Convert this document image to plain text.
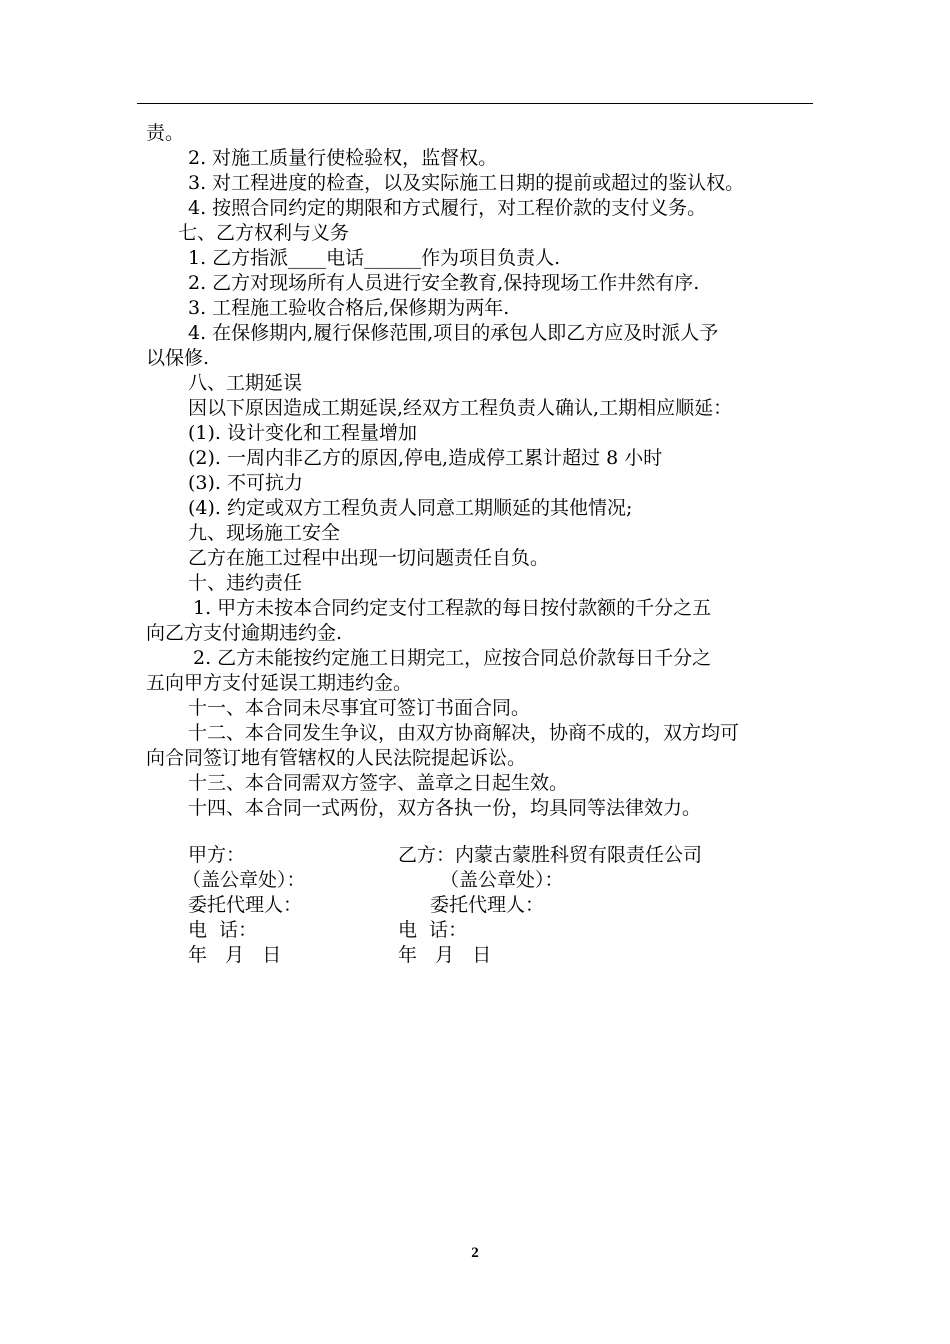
责。
2. 对施工质量行使检验权，监督权。
3. 对工程进度的检查，以及实际施工日期的提前或超过的鉴认权。
4. 按照合同约定的期限和方式履行，对工程价款的支付义务。
七、乙方权利与义务
1. 乙方指派____电话______作为项目负责人.
2. 乙方对现场所有人员进行安全教育,保持现场工作井然有序.
3. 工程施工验收合格后,保修期为两年.
4. 在保修期内,履行保修范围,项目的承包人即乙方应及时派人予
以保修.
八、工期延误
因以下原因造成工期延误,经双方工程负责人确认,工期相应顺延：
(1). 设计变化和工程量增加
(2). 一周内非乙方的原因,停电,造成停工累计超过 8 小时
(3). 不可抗力
(4). 约定或双方工程负责人同意工期顺延的其他情况;
九、现场施工安全
乙方在施工过程中出现一切问题责任自负。
十、违约责任
1. 甲方未按本合同约定支付工程款的每日按付款额的千分之五
向乙方支付逾期违约金.
2. 乙方未能按约定施工日期完工，应按合同总价款每日千分之
五向甲方支付延误工期违约金。
十一、本合同未尽事宜可签订书面合同。
十二、本合同发生争议，由双方协商解决，协商不成的，双方均可
向合同签订地有管辖权的人民法院提起诉讼。
十三、本合同需双方签字、盖章之日起生效。
十四、本合同一式两份，双方各执一份，均具同等法律效力。
甲方：	乙方：内蒙古蒙胜科贸有限责任公司
（盖公章处）：	（盖公章处）：
委托代理人：	委托代理人：
电  话：	电  话：
年   月   日	年   月   日
2
